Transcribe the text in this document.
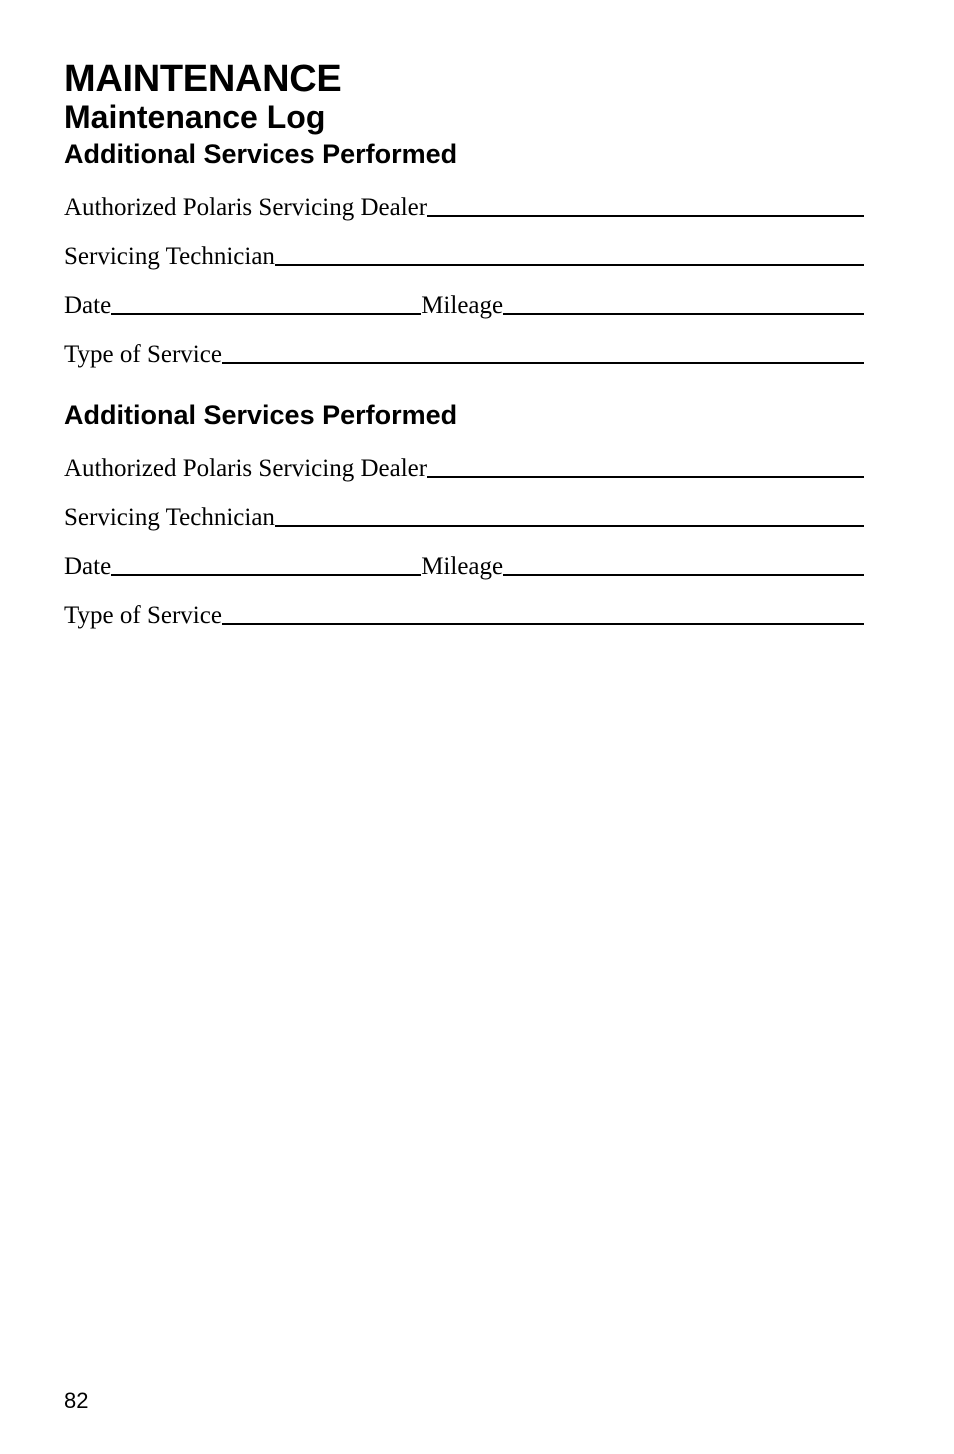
MAINTENANCE
Maintenance Log
Additional Services Performed
Authorized Polaris Servicing Dealer
Servicing Technician
Date	Mileage
Type of Service
Additional Services Performed
Authorized Polaris Servicing Dealer
Servicing Technician
Date	Mileage
Type of Service
82
